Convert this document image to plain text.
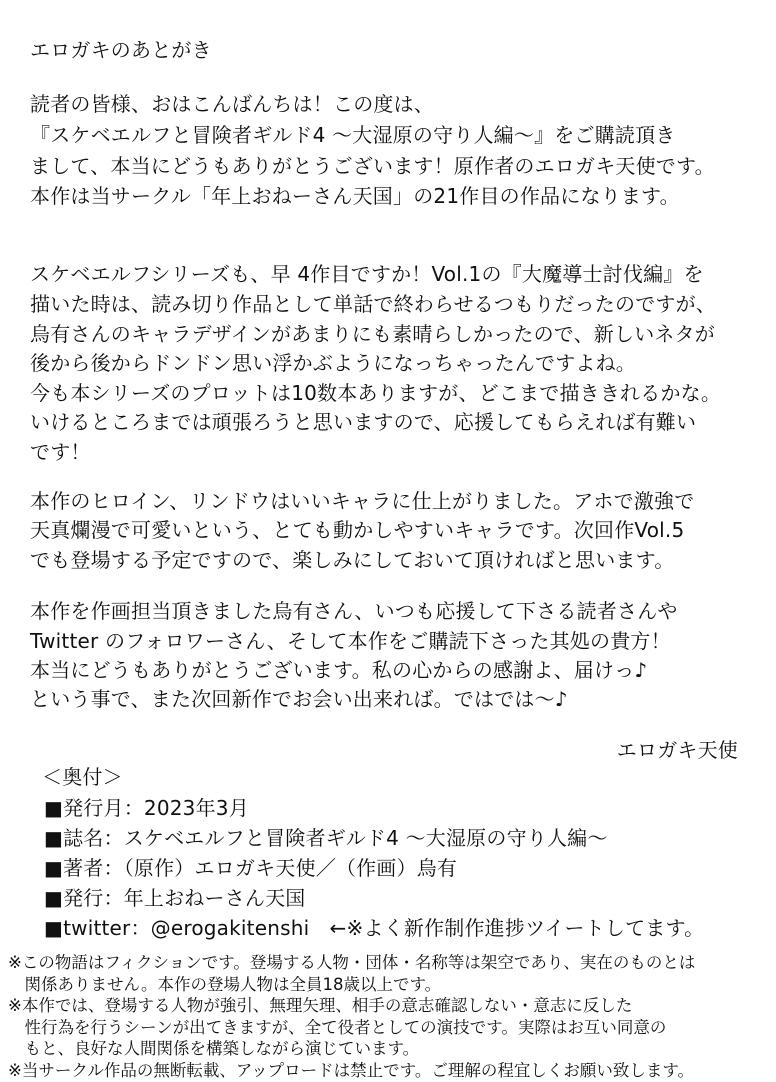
エロガキのあとがき
読者の皆様、おはこんばんちは！この度は、
『スケベエルフと冒険者ギルド4 〜大湿原の守り人編〜』をご購読頂き
まして、本当にどうもありがとうございます！原作者のエロガキ天使です。
本作は当サークル「年上おねーさん天国」の21作目の作品になります。
スケベエルフシリーズも、早 4作目ですか！Vol.1の『大魔導士討伐編』を
描いた時は、読み切り作品として単話で終わらせるつもりだったのですが、
烏有さんのキャラデザインがあまりにも素晴らしかったので、新しいネタが
後から後からドンドン思い浮かぶようになっちゃったんですよね。
今も本シリーズのプロットは10数本ありますが、どこまで描ききれるかな。
いけるところまでは頑張ろうと思いますので、応援してもらえれば有難い
です！
本作のヒロイン、リンドウはいいキャラに仕上がりました。アホで激強で
天真爛漫で可愛いという、とても動かしやすいキャラです。次回作Vol.5
でも登場する予定ですので、楽しみにしておいて頂ければと思います。
本作を作画担当頂きました烏有さん、いつも応援して下さる読者さんや
Twitter のフォロワーさん、そして本作をご購読下さった其処の貴方！
本当にどうもありがとうございます。私の心からの感謝よ、届けっ♪
という事で、また次回新作でお会い出来れば。ではでは〜♪
エロガキ天使
＜奥付＞
■発行月：2023年3月
■誌名：スケベエルフと冒険者ギルド4 〜大湿原の守り人編〜
■著者：（原作）エロガキ天使／（作画）烏有
■発行：年上おねーさん天国
■twitter：@erogakitenshi　←※よく新作制作進捗ツイートしてます。
※この物語はフィクションです。登場する人物・団体・名称等は架空であり、実在のものとは
　関係ありません。本作の登場人物は全員18歳以上です。
※本作では、登場する人物が強引、無理矢理、相手の意志確認しない・意志に反した
　性行為を行うシーンが出てきますが、全て役者としての演技です。実際はお互い同意の
　もと、良好な人間関係を構築しながら演じています。
※当サークル作品の無断転載、アップロードは禁止です。ご理解の程宜しくお願い致します。
